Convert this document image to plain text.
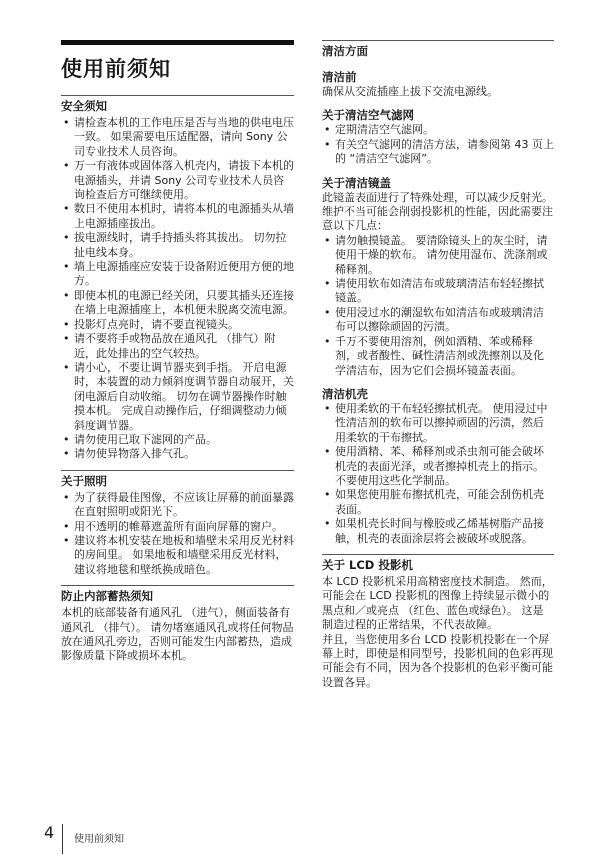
使用前须知
安全须知
• 请检查本机的工作电压是否与当地的供电电压一致。 如果需要电压适配器，请向 Sony 公司专业技术人员咨询。
• 万一有液体或固体落入机壳内，请拔下本机的电源插头，并请 Sony 公司专业技术人员咨询检查后方可继续使用。
• 数日不使用本机时，请将本机的电源插头从墙上电源插座拔出。
• 拔电源线时，请手持插头将其拔出。 切勿拉扯电线本身。
• 墙上电源插座应安装于设备附近便用方便的地方。
• 即使本机的电源已经关闭，只要其插头还连接在墙上电源插座上，本机便未脱离交流电源。
• 投影灯点亮时，请不要直视镜头。
• 请不要将手或物品放在通风孔 （排气）附近，此处排出的空气较热。
• 请小心，不要让调节器夹到手指。 开启电源时，本装置的动力倾斜度调节器自动展开，关闭电源后自动收缩。 切勿在调节器操作时触摸本机。 完成自动操作后，仔细调整动力倾斜度调节器。
• 请勿使用已取下滤网的产品。
• 请勿使异物落入排气孔。
关于照明
• 为了获得最佳图像，不应该让屏幕的前面暴露在直射照明或阳光下。
• 用不透明的帷幕遮盖所有面向屏幕的窗户。
• 建议将本机安装在地板和墙壁未采用反光材料的房间里。 如果地板和墙壁采用反光材料，建议将地毯和壁纸换成暗色。
防止内部蓄热须知

本机的底部装备有通风孔 （进气），侧面装备有通风孔 （排气）。 请勿堵塞通风孔或将任何物品放在通风孔旁边，否则可能发生内部蓄热，造成影像质量下降或损坏本机。

清洁方面
清洁前

确保从交流插座上拔下交流电源线。

关于清洁空气滤网
• 定期清洁空气滤网。
• 有关空气滤网的清洁方法，请参阅第 43 页上的 “清洁空气滤网”。
关于清洁镜盖

此镜盖表面进行了特殊处理，可以减少反射光。

维护不当可能会削弱投影机的性能，因此需要注意以下几点：

• 请勿触摸镜盖。 要清除镜头上的灰尘时，请使用干燥的软布。 请勿使用湿布、洗涤剂或稀释剂。
• 请使用软布如清洁布或玻璃清洁布轻轻擦拭镜盖。
• 使用浸过水的潮湿软布如清洁布或玻璃清洁布可以擦除顽固的污渍。
• 千万不要使用溶剂，例如酒精、苯或稀释剂，或者酸性、碱性清洁剂或洗擦剂以及化学清洁布，因为它们会损坏镜盖表面。
清洁机壳
• 使用柔软的干布轻轻擦拭机壳。 使用浸过中性清洁剂的软布可以擦掉顽固的污渍，然后用柔软的干布擦拭。
• 使用酒精、苯、稀释剂或杀虫剂可能会破坏机壳的表面光泽，或者擦掉机壳上的指示。 不要使用这些化学制品。
• 如果您使用脏布擦拭机壳，可能会刮伤机壳表面。
• 如果机壳长时间与橡胶或乙烯基树脂产品接触，机壳的表面涂层将会被破坏或脱落。
关于 LCD 投影机

本 LCD 投影机采用高精密度技术制造。 然而，可能会在 LCD 投影机的图像上持续显示微小的黑点和／或亮点 （红色、蓝色或绿色）。 这是制造过程的正常结果，不代表故障。

并且，当您使用多台 LCD 投影机投影在一个屏幕上时，即使是相同型号，投影机间的色彩再现可能会有不同，因为各个投影机的色彩平衡可能设置各异。

4 使用前须知
